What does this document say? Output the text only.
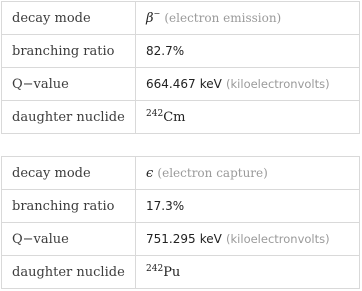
decay mode	β− (electron emission)
branching ratio	82.7%
Q−value	664.467 keV (kiloelectronvolts)
daughter nuclide	$^{242}$Cm
decay mode	ϵ (electron capture)
branching ratio	17.3%
Q−value	751.295 keV (kiloelectronvolts)
daughter nuclide	$^{242}$Pu
